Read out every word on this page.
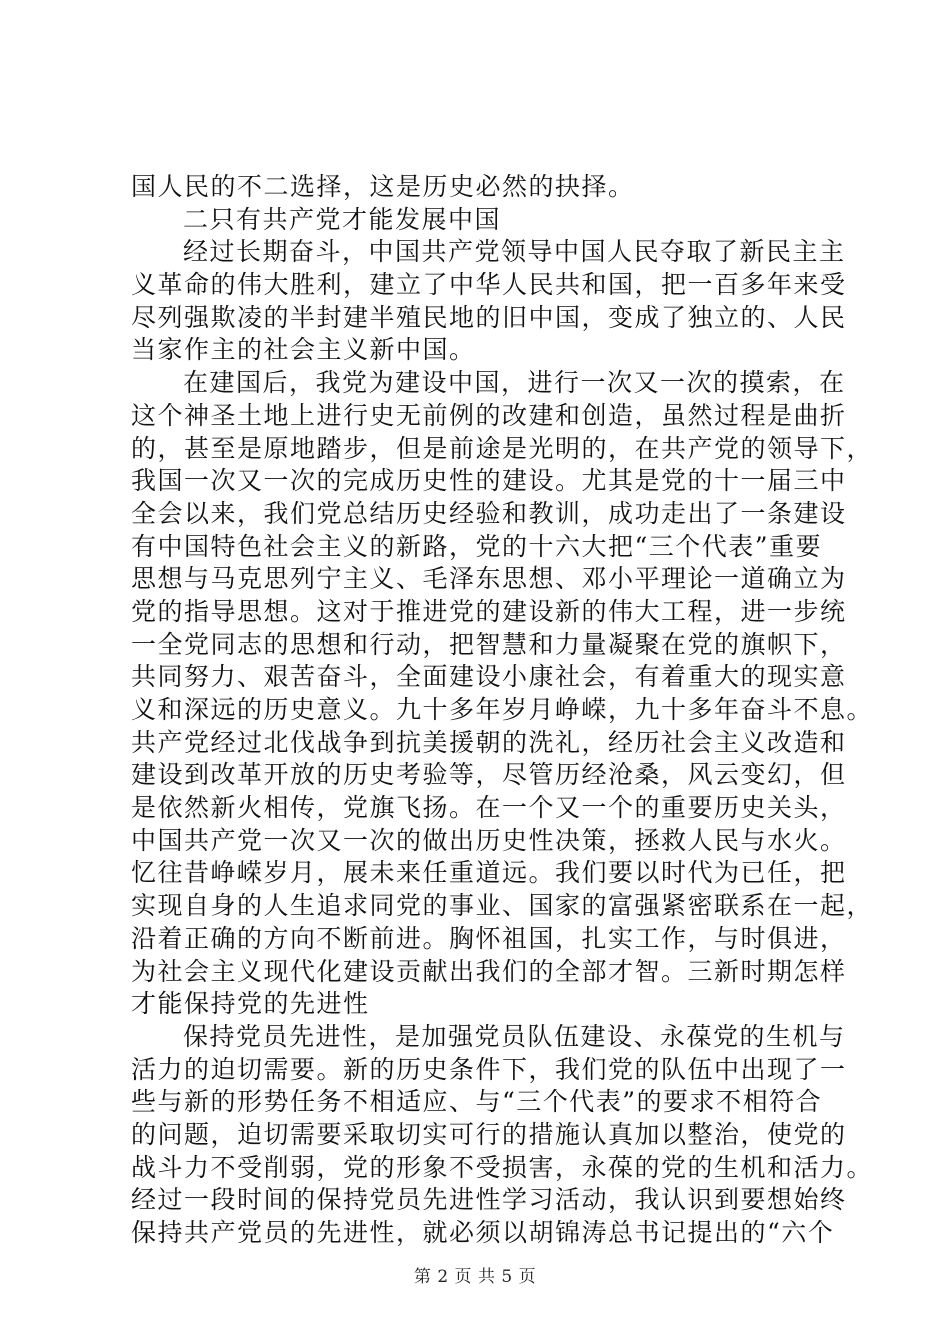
国人民的不二选择，这是历史必然的抉择。
二只有共产党才能发展中国
经过长期奋斗，中国共产党领导中国人民夺取了新民主主
义革命的伟大胜利，建立了中华人民共和国，把一百多年来受
尽列强欺凌的半封建半殖民地的旧中国，变成了独立的、人民
当家作主的社会主义新中国。
在建国后，我党为建设中国，进行一次又一次的摸索，在
这个神圣土地上进行史无前例的改建和创造，虽然过程是曲折
的，甚至是原地踏步，但是前途是光明的，在共产党的领导下，
我国一次又一次的完成历史性的建设。尤其是党的十一届三中
全会以来，我们党总结历史经验和教训，成功走出了一条建设
有中国特色社会主义的新路，党的十六大把“三个代表”重要
思想与马克思列宁主义、毛泽东思想、邓小平理论一道确立为
党的指导思想。这对于推进党的建设新的伟大工程，进一步统
一全党同志的思想和行动，把智慧和力量凝聚在党的旗帜下，
共同努力、艰苦奋斗，全面建设小康社会，有着重大的现实意
义和深远的历史意义。九十多年岁月峥嵘，九十多年奋斗不息。
共产党经过北伐战争到抗美援朝的洗礼，经历社会主义改造和
建设到改革开放的历史考验等，尽管历经沧桑，风云变幻，但
是依然新火相传，党旗飞扬。在一个又一个的重要历史关头，
中国共产党一次又一次的做出历史性决策，拯救人民与水火。
忆往昔峥嵘岁月，展未来任重道远。我们要以时代为已任，把
实现自身的人生追求同党的事业、国家的富强紧密联系在一起，
沿着正确的方向不断前进。胸怀祖国，扎实工作，与时俱进，
为社会主义现代化建设贡献出我们的全部才智。三新时期怎样
才能保持党的先进性
保持党员先进性，是加强党员队伍建设、永葆党的生机与
活力的迫切需要。新的历史条件下，我们党的队伍中出现了一
些与新的形势任务不相适应、与“三个代表”的要求不相符合
的问题，迫切需要采取切实可行的措施认真加以整治，使党的
战斗力不受削弱，党的形象不受损害，永葆的党的生机和活力。
经过一段时间的保持党员先进性学习活动，我认识到要想始终
保持共产党员的先进性，就必须以胡锦涛总书记提出的“六个
第 2 页 共 5 页
